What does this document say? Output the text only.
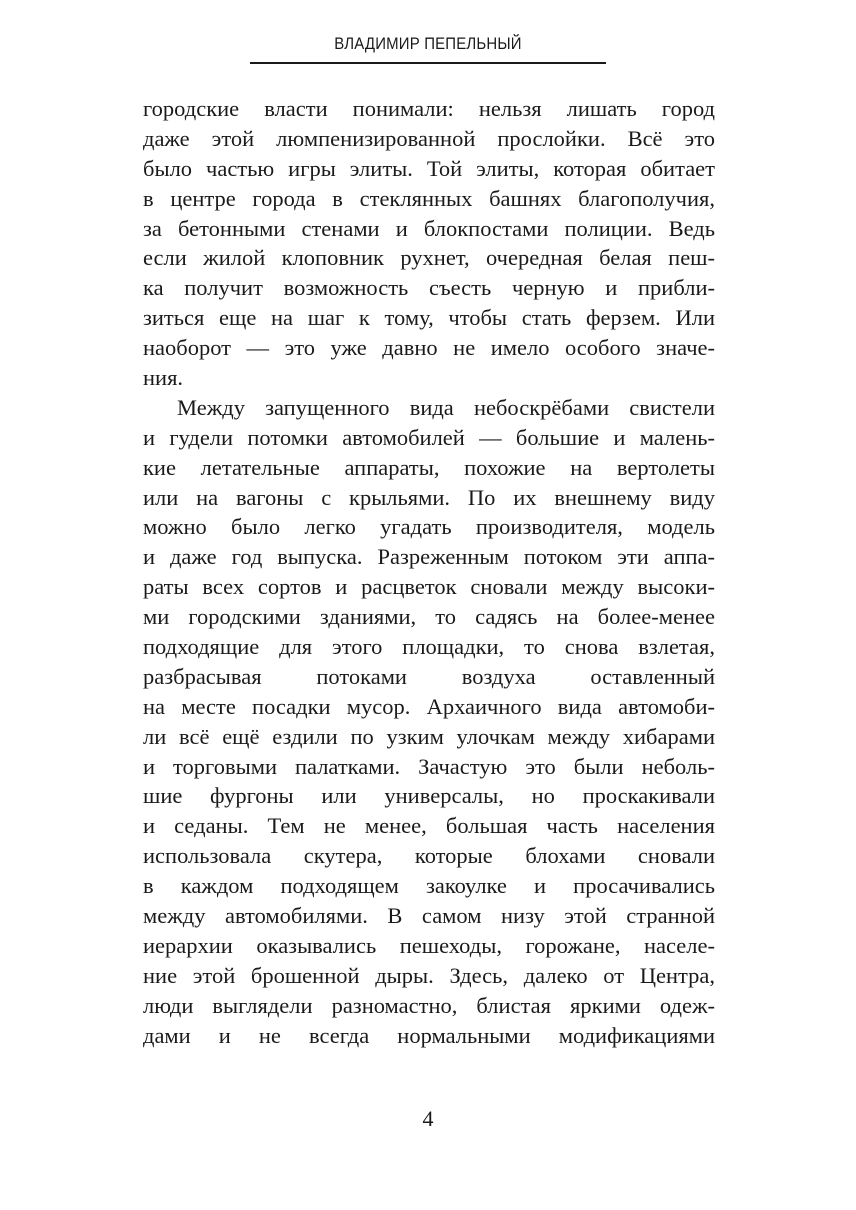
ВЛАДИМИР ПЕПЕЛЬНЫЙ
городские власти понимали: нельзя лишать город
даже этой люмпенизированной прослойки. Всё это
было частью игры элиты. Той элиты, которая обитает
в центре города в стеклянных башнях благополучия,
за бетонными стенами и блокпостами полиции. Ведь
если жилой клоповник рухнет, очередная белая пеш-
ка получит возможность съесть черную и прибли-
зиться еще на шаг к тому, чтобы стать ферзем. Или
наоборот — это уже давно не имело особого значе-
ния.
Между запущенного вида небоскрёбами свистели
и гудели потомки автомобилей — большие и малень-
кие летательные аппараты, похожие на вертолеты
или на вагоны с крыльями. По их внешнему виду
можно было легко угадать производителя, модель
и даже год выпуска. Разреженным потоком эти аппа-
раты всех сортов и расцветок сновали между высоки-
ми городскими зданиями, то садясь на более-менее
подходящие для этого площадки, то снова взлетая,
разбрасывая потоками воздуха оставленный
на месте посадки мусор. Архаичного вида автомоби-
ли всё ещё ездили по узким улочкам между хибарами
и торговыми палатками. Зачастую это были неболь-
шие фургоны или универсалы, но проскакивали
и седаны. Тем не менее, большая часть населения
использовала скутера, которые блохами сновали
в каждом подходящем закоулке и просачивались
между автомобилями. В самом низу этой странной
иерархии оказывались пешеходы, горожане, населе-
ние этой брошенной дыры. Здесь, далеко от Центра,
люди выглядели разномастно, блистая яркими одеж-
дами и не всегда нормальными модификациями
4
